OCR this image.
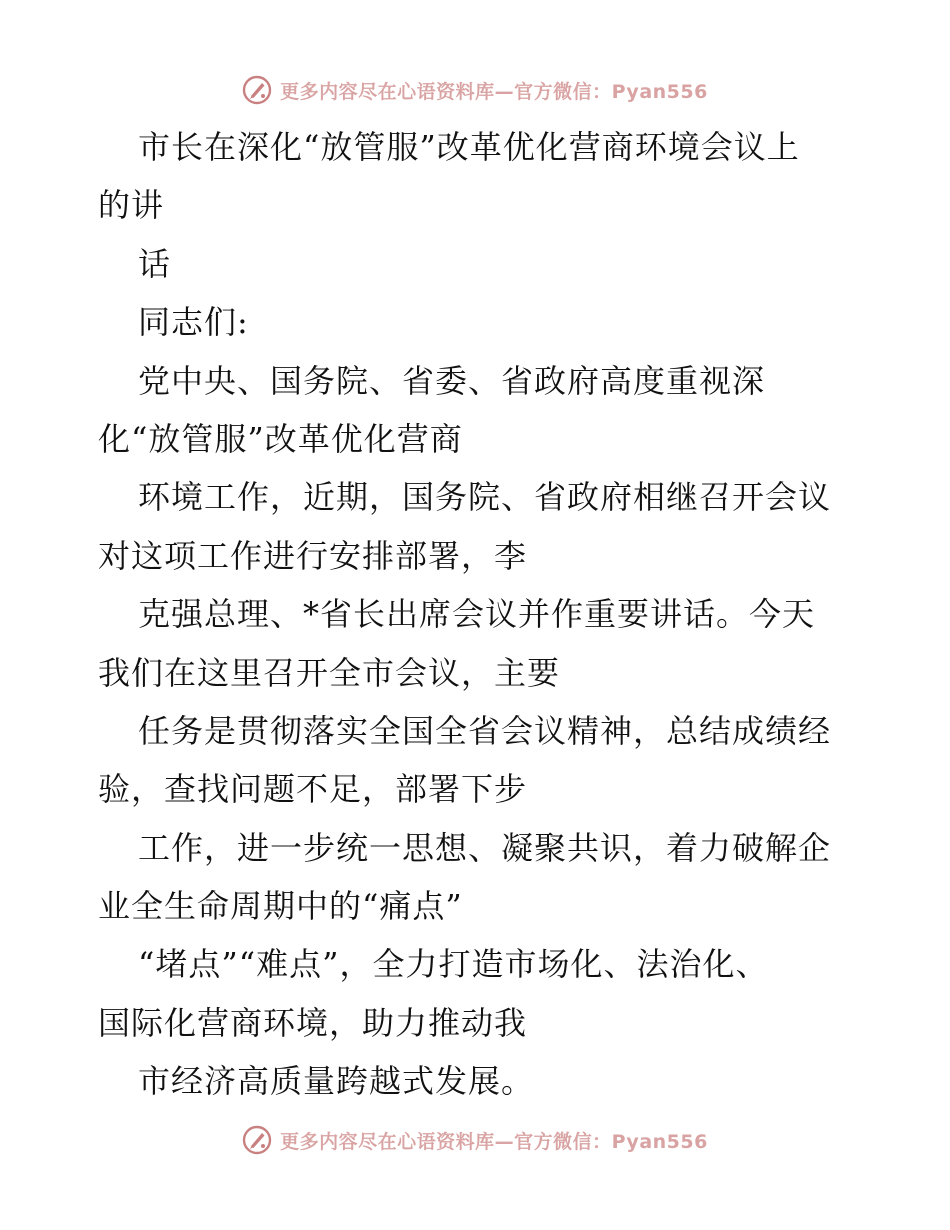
更多内容尽在心语资料库—官方微信：Pyan556
市长在深化“放管服”改革优化营商环境会议上
的讲
话
同志们:
党中央、国务院、省委、省政府高度重视深
化“放管服”改革优化营商
环境工作，近期，国务院、省政府相继召开会议
对这项工作进行安排部署，李
克强总理、*省长出席会议并作重要讲话。今天
我们在这里召开全市会议，主要
任务是贯彻落实全国全省会议精神，总结成绩经
验，查找问题不足，部署下步
工作，进一步统一思想、凝聚共识，着力破解企
业全生命周期中的“痛点”
“堵点”“难点”，全力打造市场化、法治化、
国际化营商环境，助力推动我
市经济高质量跨越式发展。
更多内容尽在心语资料库—官方微信：Pyan556
